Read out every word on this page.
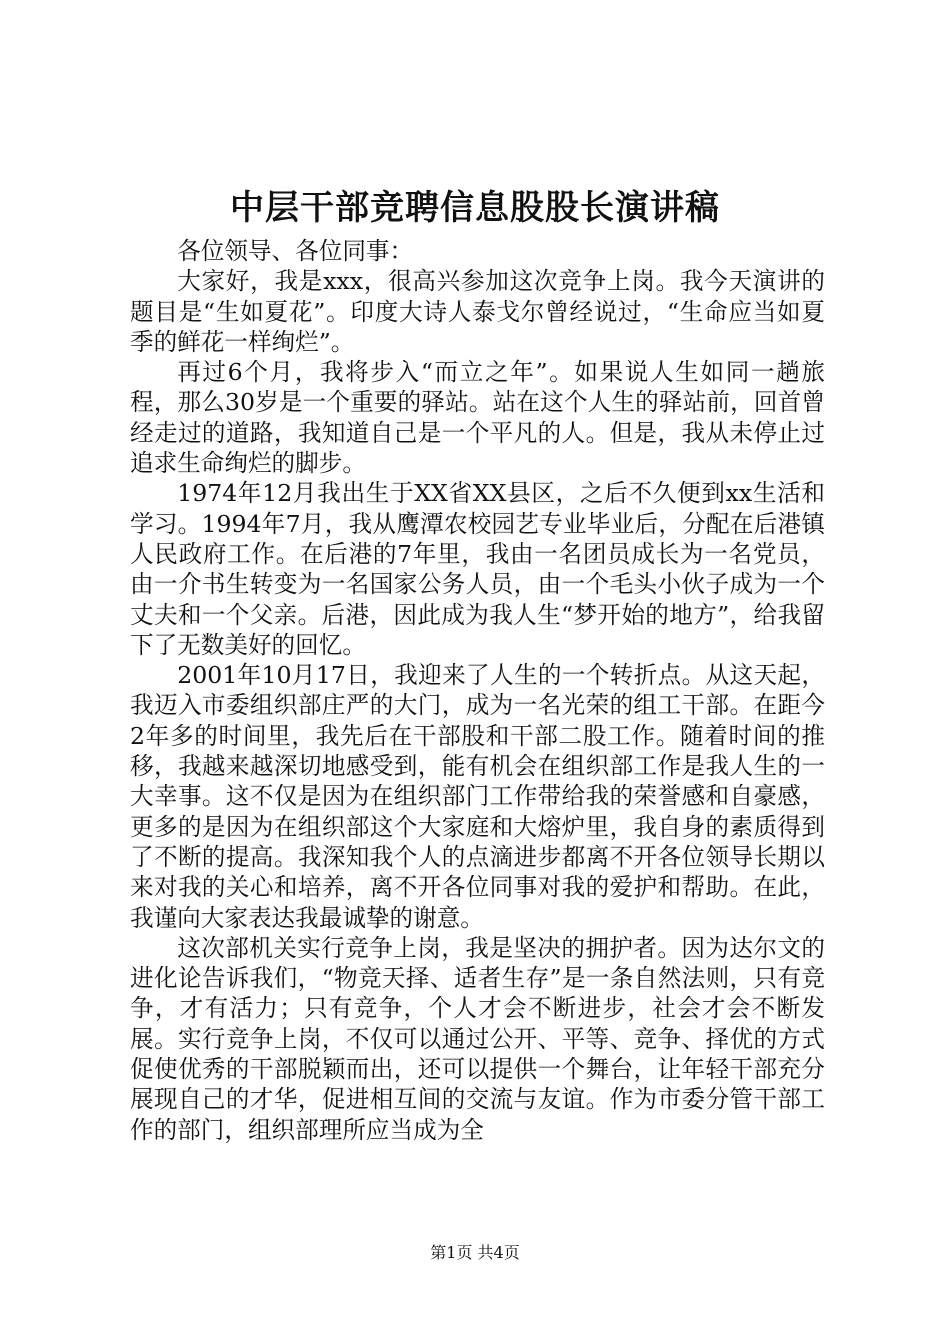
中层干部竞聘信息股股长演讲稿

各位领导、各位同事：

大家好，我是xxx，很高兴参加这次竞争上岗。我今天演讲的题目是“生如夏花”。印度大诗人泰戈尔曾经说过，“生命应当如夏季的鲜花一样绚烂”。

再过6个月，我将步入“而立之年”。如果说人生如同一趟旅程，那么30岁是一个重要的驿站。站在这个人生的驿站前，回首曾经走过的道路，我知道自己是一个平凡的人。但是，我从未停止过追求生命绚烂的脚步。

1974年12月我出生于XX省XX县区，之后不久便到xx生活和学习。1994年7月，我从鹰潭农校园艺专业毕业后，分配在后港镇人民政府工作。在后港的7年里，我由一名团员成长为一名党员，由一介书生转变为一名国家公务人员，由一个毛头小伙子成为一个丈夫和一个父亲。后港，因此成为我人生“梦开始的地方”，给我留下了无数美好的回忆。

2001年10月17日，我迎来了人生的一个转折点。从这天起，我迈入市委组织部庄严的大门，成为一名光荣的组工干部。在距今2年多的时间里，我先后在干部股和干部二股工作。随着时间的推移，我越来越深切地感受到，能有机会在组织部工作是我人生的一大幸事。这不仅是因为在组织部门工作带给我的荣誉感和自豪感，更多的是因为在组织部这个大家庭和大熔炉里，我自身的素质得到了不断的提高。我深知我个人的点滴进步都离不开各位领导长期以来对我的关心和培养，离不开各位同事对我的爱护和帮助。在此，我谨向大家表达我最诚挚的谢意。

这次部机关实行竞争上岗，我是坚决的拥护者。因为达尔文的进化论告诉我们，“物竞天择、适者生存”是一条自然法则，只有竞争，才有活力；只有竞争，个人才会不断进步，社会才会不断发展。实行竞争上岗，不仅可以通过公开、平等、竞争、择优的方式促使优秀的干部脱颖而出，还可以提供一个舞台，让年轻干部充分展现自己的才华，促进相互间的交流与友谊。作为市委分管干部工作的部门，组织部理所应当成为全

第1页 共4页
